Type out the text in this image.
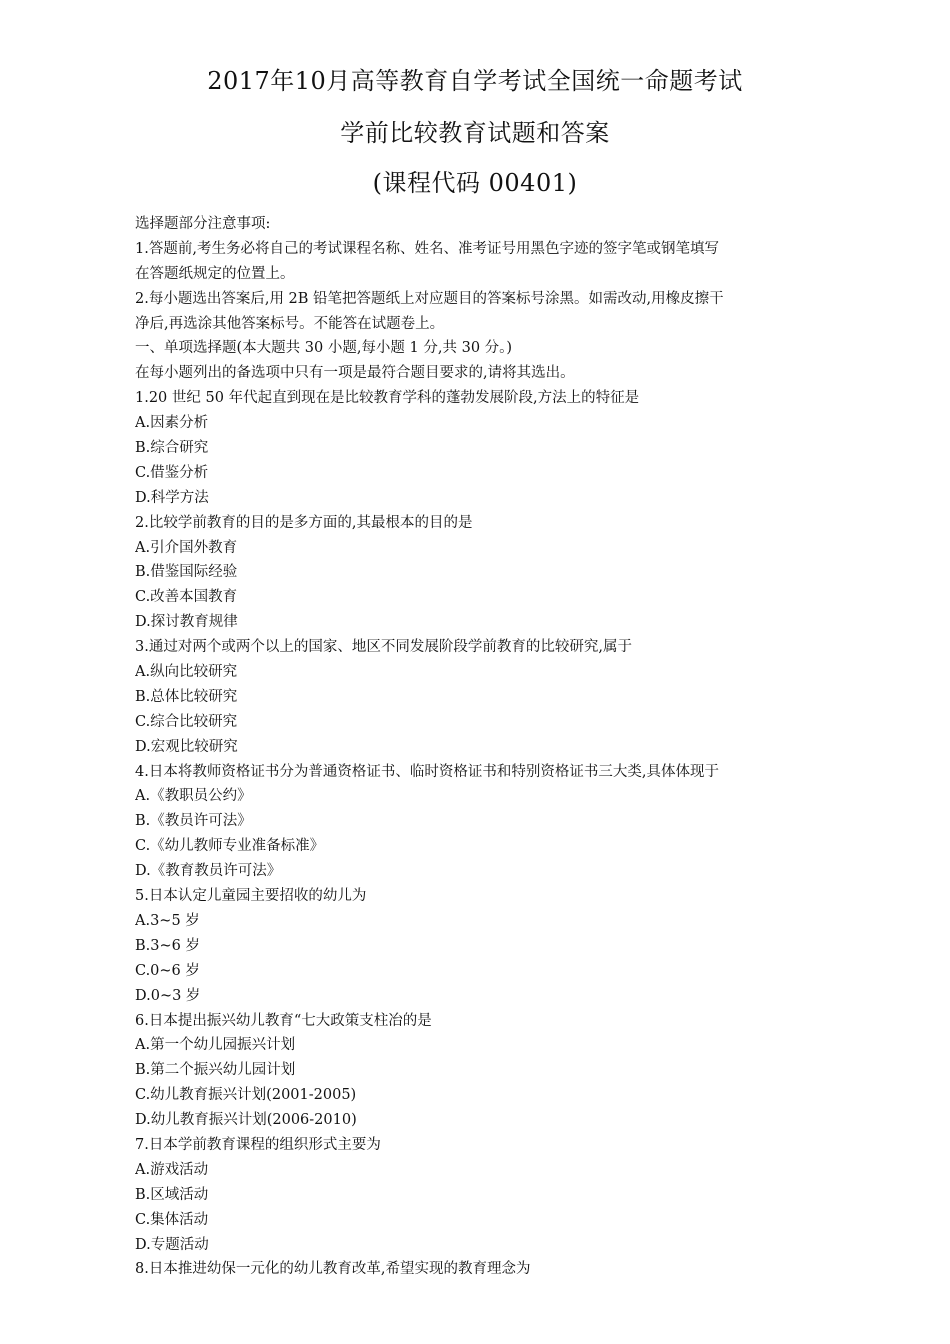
2017年10月高等教育自学考试全国统一命题考试
学前比较教育试题和答案
(课程代码 00401)
选择题部分注意事项:
1.答题前,考生务必将自己的考试课程名称、姓名、准考证号用黑色字迹的签字笔或钢笔填写
在答题纸规定的位置上。
2.每小题选出答案后,用 2B 铅笔把答题纸上对应题目的答案标号涂黑。如需改动,用橡皮擦干
净后,再选涂其他答案标号。不能答在试题卷上。
一、单项选择题(本大题共 30 小题,每小题 1 分,共 30 分。)
在每小题列出的备选项中只有一项是最符合题目要求的,请将其选出。
1.20 世纪 50 年代起直到现在是比较教育学科的蓬勃发展阶段,方法上的特征是
A.因素分析
B.综合研究
C.借鉴分析
D.科学方法
2.比较学前教育的目的是多方面的,其最根本的目的是
A.引介国外教育
B.借鉴国际经验
C.改善本国教育
D.探讨教育规律
3.通过对两个或两个以上的国家、地区不同发展阶段学前教育的比较研究,属于
A.纵向比较研究
B.总体比较研究
C.综合比较研究
D.宏观比较研究
4.日本将教师资格证书分为普通资格证书、临时资格证书和特别资格证书三大类,具体体现于
A.《教职员公约》
B.《教员许可法》
C.《幼儿教师专业准备标准》
D.《教育教员许可法》
5.日本认定儿童园主要招收的幼儿为
A.3~5 岁
B.3~6 岁
C.0~6 岁
D.0~3 岁
6.日本提出振兴幼儿教育“七大政策支柱冶的是
A.第一个幼儿园振兴计划
B.第二个振兴幼儿园计划
C.幼儿教育振兴计划(2001-2005)
D.幼儿教育振兴计划(2006-2010)
7.日本学前教育课程的组织形式主要为
A.游戏活动
B.区域活动
C.集体活动
D.专题活动
8.日本推进幼保一元化的幼儿教育改革,希望实现的教育理念为
